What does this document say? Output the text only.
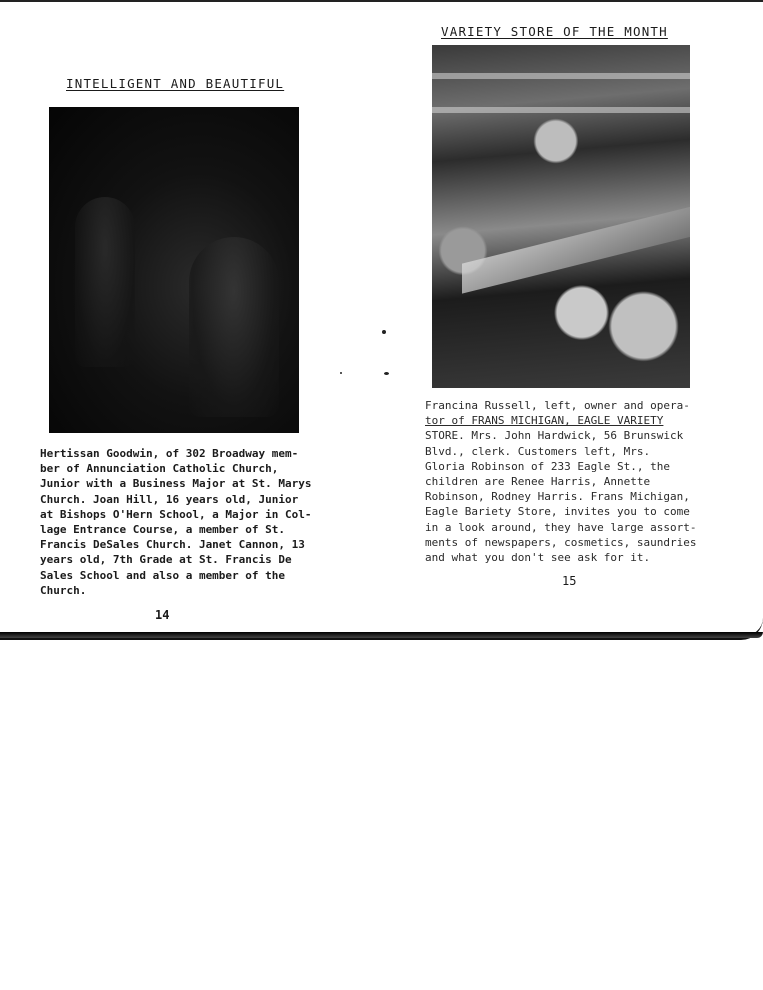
INTELLIGENT AND BEAUTIFUL
Hertissan Goodwin, of 302 Broadway mem-
ber of Annunciation Catholic Church,
Junior with a Business Major at St. Marys
Church. Joan Hill, 16 years old, Junior
at Bishops O'Hern School, a Major in Col-
lage Entrance Course, a member of St.
Francis DeSales Church. Janet Cannon, 13
years old, 7th Grade at St. Francis De
Sales School and also a member of the
Church.
14
VARIETY STORE OF THE MONTH
Francina Russell, left, owner and opera-
tor of FRANS MICHIGAN, EAGLE VARIETY
STORE. Mrs. John Hardwick, 56 Brunswick
Blvd., clerk. Customers left, Mrs.
Gloria Robinson of 233 Eagle St., the
children are Renee Harris, Annette
Robinson, Rodney Harris. Frans Michigan,
Eagle Bariety Store, invites you to come
in a look around, they have large assort-
ments of newspapers, cosmetics, saundries
and what you don't see ask for it.
15
